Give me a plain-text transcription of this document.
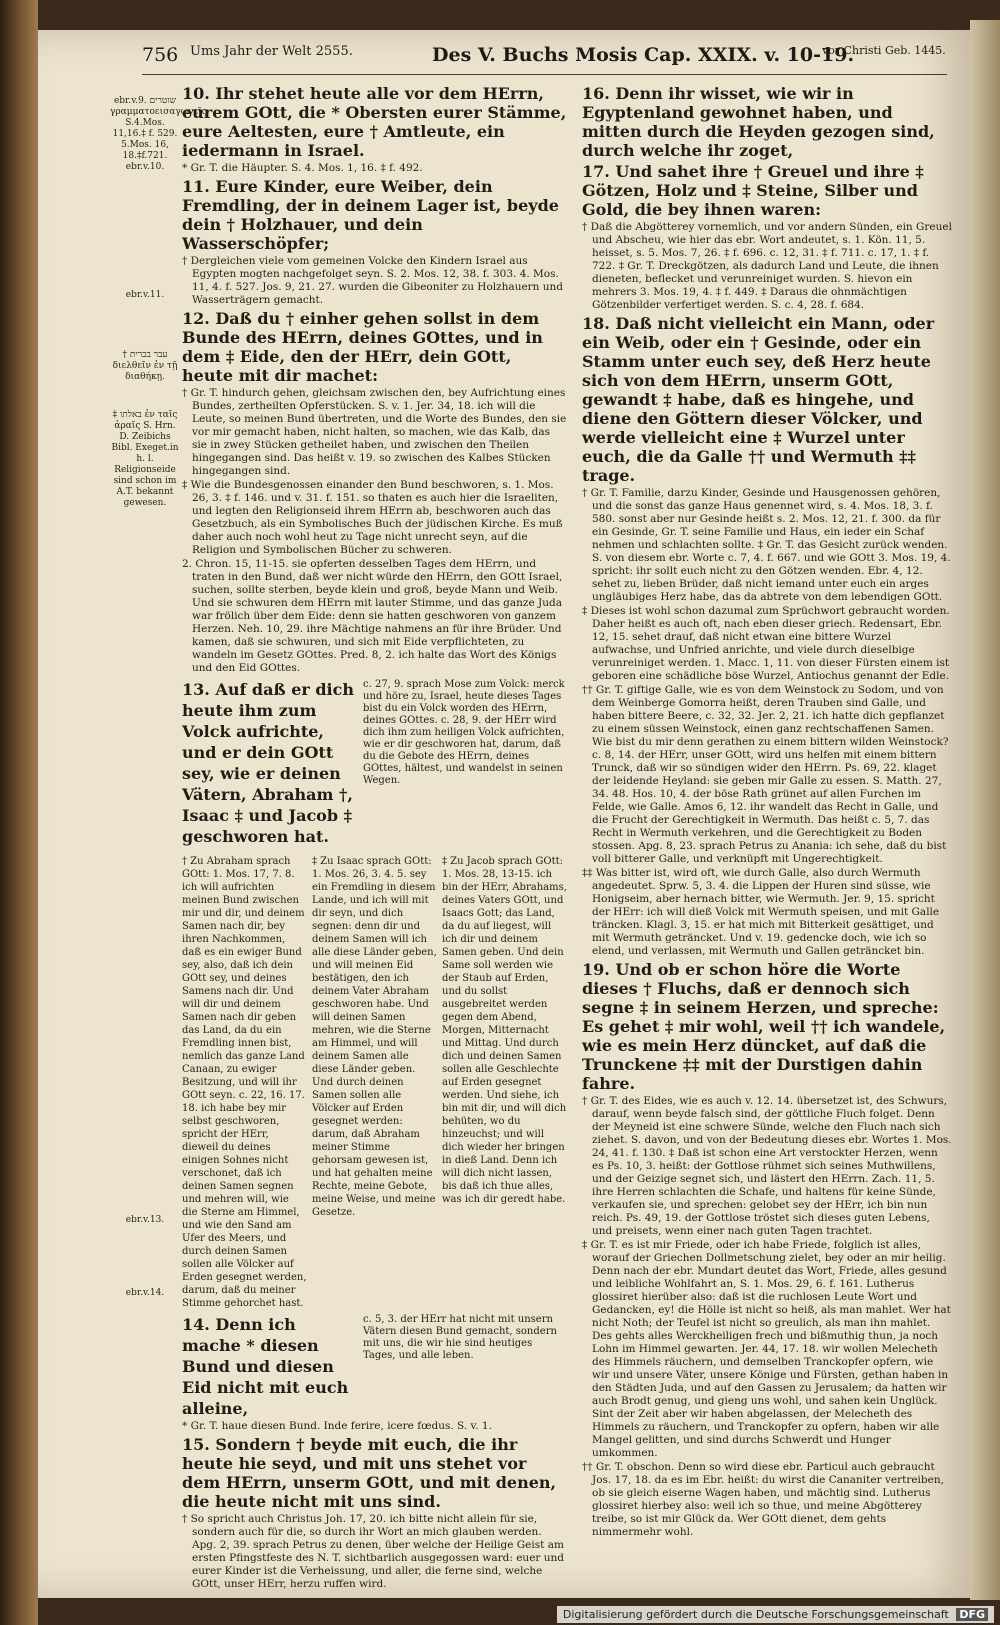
756 Ums Jahr der Welt 2555.	Des V. Buchs Mosis Cap. XXIX. v. 10-19.
vor Christi Geb. 1445.
ebr.v.9. שוטרים γραμματοεισαγωγεῖς S.4.Mos. 11,16.‡ f. 529. 5.Mos. 16, 18.‡f.721. ebr.v.10.
ebr.v.11.
† עבר בברית διελθεῖν ἐν τῇ διαθήκῃ.
‡ באלתו ἐν ταῖς ἀραῖς S. Hrn. D. Zeibichs Bibl. Exeget.in h. l. Religionseide sind schon im A.T. bekannt gewesen.
ebr.v.13.
ebr.v.14.
10. Ihr stehet heute alle vor dem HErrn, eurem GOtt, die * Obersten eurer Stämme, eure Aeltesten, eure † Amtleute, ein iedermann in Israel.
* Gr. T. die Häupter. S. 4. Mos. 1, 16. ‡ f. 492.
11. Eure Kinder, eure Weiber, dein Fremdling, der in deinem Lager ist, beyde dein † Holzhauer, und dein Wasserschöpfer;
† Dergleichen viele vom gemeinen Volcke den Kindern Israel aus Egypten mogten nachgefolget seyn. S. 2. Mos. 12, 38. f. 303. 4. Mos. 11, 4. f. 527. Jos. 9, 21. 27. wurden die Gibeoniter zu Holzhauern und Wasserträgern gemacht.
12. Daß du † einher gehen sollst in dem Bunde des HErrn, deines GOttes, und in dem ‡ Eide, den der HErr, dein GOtt, heute mit dir machet:
† Gr. T. hindurch gehen, gleichsam zwischen den, bey Aufrichtung eines Bundes, zertheilten Opferstücken. S. v. 1. Jer. 34, 18. ich will die Leute, so meinen Bund übertreten, und die Worte des Bundes, den sie vor mir gemacht haben, nicht halten, so machen, wie das Kalb, das sie in zwey Stücken getheilet haben, und zwischen den Theilen hingegangen sind. Das heißt v. 19. so zwischen des Kalbes Stücken hingegangen sind.
‡ Wie die Bundesgenossen einander den Bund beschworen, s. 1. Mos. 26, 3. ‡ f. 146. und v. 31. f. 151. so thaten es auch hier die Israeliten, und legten den Religionseid ihrem HErrn ab, beschworen auch das Gesetzbuch, als ein Symbolisches Buch der jüdischen Kirche. Es muß daher auch noch wohl heut zu Tage nicht unrecht seyn, auf die Religion und Symbolischen Bücher zu schweren.
2. Chron. 15, 11-15. sie opferten desselben Tages dem HErrn, und traten in den Bund, daß wer nicht würde den HErrn, den GOtt Israel, suchen, sollte sterben, beyde klein und groß, beyde Mann und Weib. Und sie schwuren dem HErrn mit lauter Stimme, und das ganze Juda war frölich über dem Eide: denn sie hatten geschworen von ganzem Herzen. Neh. 10, 29. ihre Mächtige nahmens an für ihre Brüder. Und kamen, daß sie schwuren, und sich mit Eide verpflichteten, zu wandeln im Gesetz GOttes. Pred. 8, 2. ich halte das Wort des Königs und den Eid GOttes.
13. Auf daß er dich heute ihm zum Volck aufrichte, und er dein GOtt sey, wie er deinen Vätern, Abraham †, Isaac ‡ und Jacob ‡ geschworen hat.
c. 27, 9. sprach Mose zum Volck: merck und höre zu, Israel, heute dieses Tages bist du ein Volck worden des HErrn, deines GOttes. c. 28, 9. der HErr wird dich ihm zum heiligen Volck aufrichten, wie er dir geschworen hat, darum, daß du die Gebote des HErrn, deines GOttes, hältest, und wandelst in seinen Wegen.
† Zu Abraham sprach GOtt: 1. Mos. 17, 7. 8. ich will aufrichten meinen Bund zwischen mir und dir, und deinem Samen nach dir, bey ihren Nachkommen, daß es ein ewiger Bund sey, also, daß ich dein GOtt sey, und deines Samens nach dir. Und will dir und deinem Samen nach dir geben das Land, da du ein Fremdling innen bist, nemlich das ganze Land Canaan, zu ewiger Besitzung, und will ihr GOtt seyn. c. 22, 16. 17. 18. ich habe bey mir selbst geschworen, spricht der HErr, dieweil du deines einigen Sohnes nicht verschonet, daß ich deinen Samen segnen und mehren will, wie die Sterne am Himmel, und wie den Sand am Ufer des Meers, und durch deinen Samen sollen alle Völcker auf Erden gesegnet werden, darum, daß du meiner Stimme gehorchet hast.
‡ Zu Isaac sprach GOtt: 1. Mos. 26, 3. 4. 5. sey ein Fremdling in diesem Lande, und ich will mit dir seyn, und dich segnen: denn dir und deinem Samen will ich alle diese Länder geben, und will meinen Eid bestätigen, den ich deinem Vater Abraham geschworen habe. Und will deinen Samen mehren, wie die Sterne am Himmel, und will deinem Samen alle diese Länder geben. Und durch deinen Samen sollen alle Völcker auf Erden gesegnet werden: darum, daß Abraham meiner Stimme gehorsam gewesen ist, und hat gehalten meine Rechte, meine Gebote, meine Weise, und meine Gesetze.
‡ Zu Jacob sprach GOtt: 1. Mos. 28, 13-15. ich bin der HErr, Abrahams, deines Vaters GOtt, und Isaacs Gott; das Land, da du auf liegest, will ich dir und deinem Samen geben. Und dein Same soll werden wie der Staub auf Erden, und du sollst ausgebreitet werden gegen dem Abend, Morgen, Mitternacht und Mittag. Und durch dich und deinen Samen sollen alle Geschlechte auf Erden gesegnet werden. Und siehe, ich bin mit dir, und will dich behüten, wo du hinzeuchst; und will dich wieder her bringen in dieß Land. Denn ich will dich nicht lassen, bis daß ich thue alles, was ich dir geredt habe.
14. Denn ich mache * diesen Bund und diesen Eid nicht mit euch alleine,
c. 5, 3. der HErr hat nicht mit unsern Vätern diesen Bund gemacht, sondern mit uns, die wir hie sind heutiges Tages, und alle leben.
* Gr. T. haue diesen Bund. Inde ferire, icere fœdus. S. v. 1.
15. Sondern † beyde mit euch, die ihr heute hie seyd, und mit uns stehet vor dem HErrn, unserm GOtt, und mit denen, die heute nicht mit uns sind.
† So spricht auch Christus Joh. 17, 20. ich bitte nicht allein für sie, sondern auch für die, so durch ihr Wort an mich glauben werden. Apg. 2, 39. sprach Petrus zu denen, über welche der Heilige Geist am ersten Pfingstfeste des N. T. sichtbarlich ausgegossen ward: euer und eurer Kinder ist die Verheissung, und aller, die ferne sind, welche GOtt, unser HErr, herzu ruffen wird.
16. Denn ihr wisset, wie wir in Egyptenland gewohnet haben, und mitten durch die Heyden gezogen sind, durch welche ihr zoget,
17. Und sahet ihre † Greuel und ihre ‡ Götzen, Holz und ‡ Steine, Silber und Gold, die bey ihnen waren:
† Daß die Abgötterey vornemlich, und vor andern Sünden, ein Greuel und Abscheu, wie hier das ebr. Wort andeutet, s. 1. Kön. 11, 5. heisset, s. 5. Mos. 7, 26. ‡ f. 696. c. 12, 31. ‡ f. 711. c. 17, 1. ‡ f. 722. ‡ Gr. T. Dreckgötzen, als dadurch Land und Leute, die ihnen dieneten, beflecket und verunreiniget wurden. S. hievon ein mehrers 3. Mos. 19, 4. ‡ f. 449. ‡ Daraus die ohnmächtigen Götzenbilder verfertiget werden. S. c. 4, 28. f. 684.
18. Daß nicht vielleicht ein Mann, oder ein Weib, oder ein † Gesinde, oder ein Stamm unter euch sey, deß Herz heute sich von dem HErrn, unserm GOtt, gewandt ‡ habe, daß es hingehe, und diene den Göttern dieser Völcker, und werde vielleicht eine ‡ Wurzel unter euch, die da Galle †† und Wermuth ‡‡ trage.
† Gr. T. Familie, darzu Kinder, Gesinde und Hausgenossen gehören, und die sonst das ganze Haus genennet wird, s. 4. Mos. 18, 3. f. 580. sonst aber nur Gesinde heißt s. 2. Mos. 12, 21. f. 300. da für ein Gesinde, Gr. T. seine Familie und Haus, ein ieder ein Schaf nehmen und schlachten sollte. ‡ Gr. T. das Gesicht zurück wenden. S. von diesem ebr. Worte c. 7, 4. f. 667. und wie GOtt 3. Mos. 19, 4. spricht: ihr sollt euch nicht zu den Götzen wenden. Ebr. 4, 12. sehet zu, lieben Brüder, daß nicht iemand unter euch ein arges ungläubiges Herz habe, das da abtrete von dem lebendigen GOtt.
‡ Dieses ist wohl schon dazumal zum Sprüchwort gebraucht worden. Daher heißt es auch oft, nach eben dieser griech. Redensart, Ebr. 12, 15. sehet drauf, daß nicht etwan eine bittere Wurzel aufwachse, und Unfried anrichte, und viele durch dieselbige verunreiniget werden. 1. Macc. 1, 11. von dieser Fürsten einem ist geboren eine schädliche böse Wurzel, Antiochus genannt der Edle.
†† Gr. T. giftige Galle, wie es von dem Weinstock zu Sodom, und von dem Weinberge Gomorra heißt, deren Trauben sind Galle, und haben bittere Beere, c. 32, 32. Jer. 2, 21. ich hatte dich gepflanzet zu einem süssen Weinstock, einen ganz rechtschaffenen Samen. Wie bist du mir denn gerathen zu einem bittern wilden Weinstock? c. 8, 14. der HErr, unser GOtt, wird uns helfen mit einem bittern Trunck, daß wir so sündigen wider den HErrn. Ps. 69, 22. klaget der leidende Heyland: sie geben mir Galle zu essen. S. Matth. 27, 34. 48. Hos. 10, 4. der böse Rath grünet auf allen Furchen im Felde, wie Galle. Amos 6, 12. ihr wandelt das Recht in Galle, und die Frucht der Gerechtigkeit in Wermuth. Das heißt c. 5, 7. das Recht in Wermuth verkehren, und die Gerechtigkeit zu Boden stossen. Apg. 8, 23. sprach Petrus zu Anania: ich sehe, daß du bist voll bitterer Galle, und verknüpft mit Ungerechtigkeit.
‡‡ Was bitter ist, wird oft, wie durch Galle, also durch Wermuth angedeutet. Sprw. 5, 3. 4. die Lippen der Huren sind süsse, wie Honigseim, aber hernach bitter, wie Wermuth. Jer. 9, 15. spricht der HErr: ich will dieß Volck mit Wermuth speisen, und mit Galle träncken. Klagl. 3, 15. er hat mich mit Bitterkeit gesättiget, und mit Wermuth geträncket. Und v. 19. gedencke doch, wie ich so elend, und verlassen, mit Wermuth und Gallen geträncket bin.
19. Und ob er schon höre die Worte dieses † Fluchs, daß er dennoch sich segne ‡ in seinem Herzen, und spreche: Es gehet ‡ mir wohl, weil †† ich wandele, wie es mein Herz düncket, auf daß die Trunckene ‡‡ mit der Durstigen dahin fahre.
† Gr. T. des Eides, wie es auch v. 12. 14. übersetzet ist, des Schwurs, darauf, wenn beyde falsch sind, der göttliche Fluch folget. Denn der Meyneid ist eine schwere Sünde, welche den Fluch nach sich ziehet. S. davon, und von der Bedeutung dieses ebr. Wortes 1. Mos. 24, 41. f. 130. ‡ Daß ist schon eine Art verstockter Herzen, wenn es Ps. 10, 3. heißt: der Gottlose rühmet sich seines Muthwillens, und der Geizige segnet sich, und lästert den HErrn. Zach. 11, 5. ihre Herren schlachten die Schafe, und haltens für keine Sünde, verkaufen sie, und sprechen: gelobet sey der HErr, ich bin nun reich. Ps. 49, 19. der Gottlose tröstet sich dieses guten Lebens, und preisets, wenn einer nach guten Tagen trachtet.
‡ Gr. T. es ist mir Friede, oder ich habe Friede, folglich ist alles, worauf der Griechen Dollmetschung zielet, bey oder an mir heilig. Denn nach der ebr. Mundart deutet das Wort, Friede, alles gesund und leibliche Wohlfahrt an, S. 1. Mos. 29, 6. f. 161. Lutherus glossiret hierüber also: daß ist die ruchlosen Leute Wort und Gedancken, ey! die Hölle ist nicht so heiß, als man mahlet. Wer hat nicht Noth; der Teufel ist nicht so greulich, als man ihn mahlet. Des gehts alles Werckheiligen frech und bißmuthig thun, ja noch Lohn im Himmel gewarten. Jer. 44, 17. 18. wir wollen Melecheth des Himmels räuchern, und demselben Tranckopfer opfern, wie wir und unsere Väter, unsere Könige und Fürsten, gethan haben in den Städten Juda, und auf den Gassen zu Jerusalem; da hatten wir auch Brodt genug, und gieng uns wohl, und sahen kein Unglück. Sint der Zeit aber wir haben abgelassen, der Melecheth des Himmels zu räuchern, und Tranckopfer zu opfern, haben wir alle Mangel gelitten, und sind durchs Schwerdt und Hunger umkommen.
†† Gr. T. obschon. Denn so wird diese ebr. Particul auch gebraucht Jos. 17, 18. da es im Ebr. heißt: du wirst die Cananiter vertreiben, ob sie gleich eiserne Wagen haben, und mächtig sind. Lutherus glossiret hierbey also: weil ich so thue, und meine Abgötterey treibe, so ist mir Glück da. Wer GOtt dienet, dem gehts nimmermehr wohl.
Digitalisierung gefördert durch die Deutsche Forschungsgemeinschaft DFG
